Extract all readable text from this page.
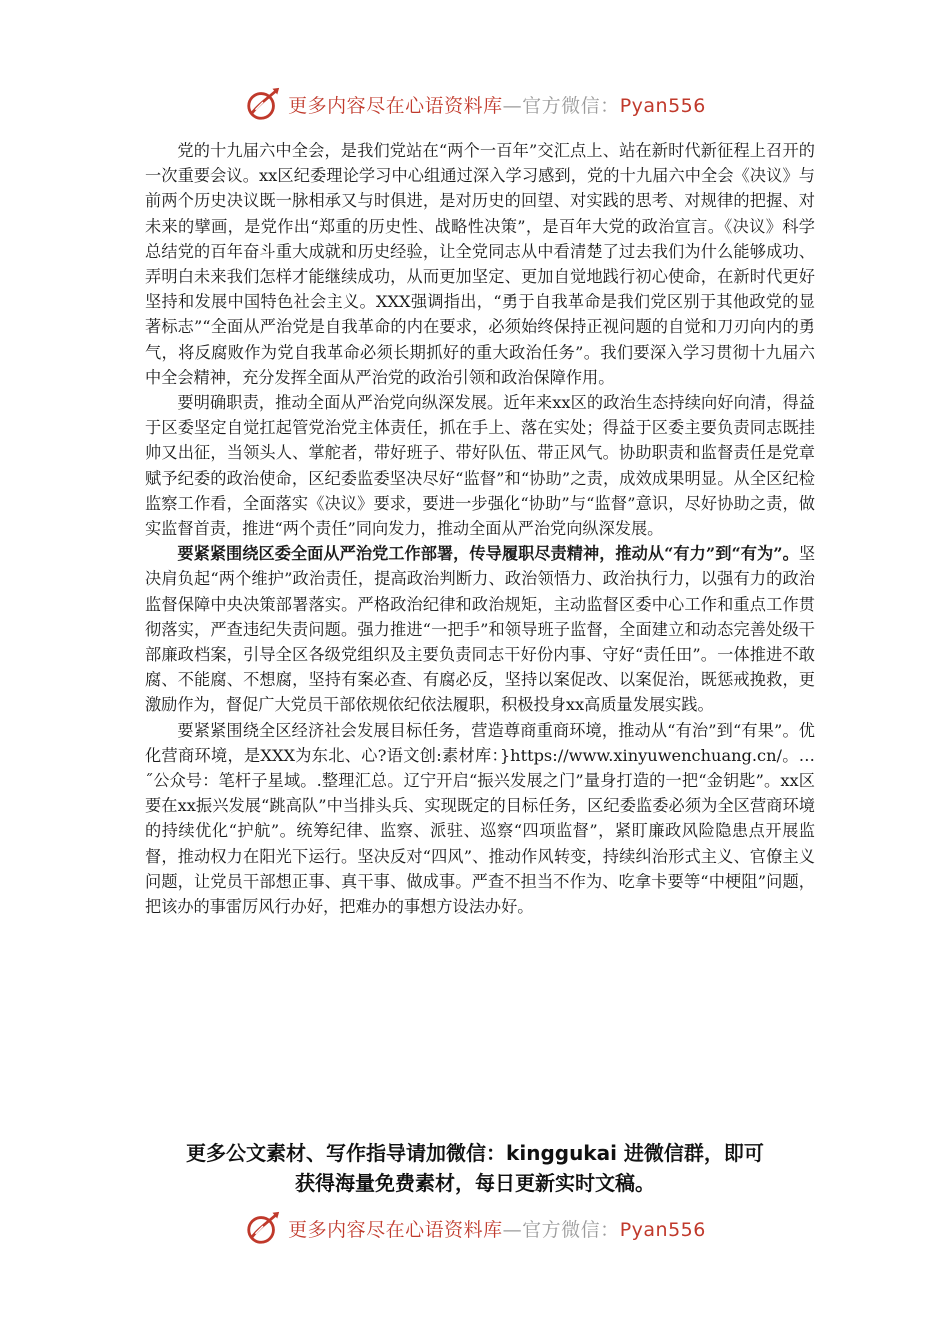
更多内容尽在心语资料库—官方微信：Pyan556

党的十九届六中全会，是我们党站在“两个一百年”交汇点上、站在新时代新征程上召开的一次重要会议。xx区纪委理论学习中心组通过深入学习感到，党的十九届六中全会《决议》与前两个历史决议既一脉相承又与时俱进，是对历史的回望、对实践的思考、对规律的把握、对未来的擘画，是党作出“郑重的历史性、战略性决策”，是百年大党的政治宣言。《决议》科学总结党的百年奋斗重大成就和历史经验，让全党同志从中看清楚了过去我们为什么能够成功、弄明白未来我们怎样才能继续成功，从而更加坚定、更加自觉地践行初心使命，在新时代更好坚持和发展中国特色社会主义。XXX强调指出，“勇于自我革命是我们党区别于其他政党的显著标志”“全面从严治党是自我革命的内在要求，必须始终保持正视问题的自觉和刀刃向内的勇气，将反腐败作为党自我革命必须长期抓好的重大政治任务”。我们要深入学习贯彻十九届六中全会精神，充分发挥全面从严治党的政治引领和政治保障作用。

要明确职责，推动全面从严治党向纵深发展。近年来xx区的政治生态持续向好向清，得益于区委坚定自觉扛起管党治党主体责任，抓在手上、落在实处；得益于区委主要负责同志既挂帅又出征，当领头人、掌舵者，带好班子、带好队伍、带正风气。协助职责和监督责任是党章赋予纪委的政治使命，区纪委监委坚决尽好“监督”和“协助”之责，成效成果明显。从全区纪检监察工作看，全面落实《决议》要求，要进一步强化“协助”与“监督”意识，尽好协助之责，做实监督首责，推进“两个责任”同向发力，推动全面从严治党向纵深发展。

要紧紧围绕区委全面从严治党工作部署，传导履职尽责精神，推动从“有力”到“有为”。坚决肩负起“两个维护”政治责任，提高政治判断力、政治领悟力、政治执行力，以强有力的政治监督保障中央决策部署落实。严格政治纪律和政治规矩，主动监督区委中心工作和重点工作贯彻落实，严查违纪失责问题。强力推进“一把手”和领导班子监督，全面建立和动态完善处级干部廉政档案，引导全区各级党组织及主要负责同志干好份内事、守好“责任田”。一体推进不敢腐、不能腐、不想腐，坚持有案必查、有腐必反，坚持以案促改、以案促治，既惩戒挽救，更激励作为，督促广大党员干部依规依纪依法履职，积极投身xx高质量发展实践。

要紧紧围绕全区经济社会发展目标任务，营造尊商重商环境，推动从“有治”到“有果”。优化营商环境，是XXX为东北、心?语文创:素材库：}https://www.xinyuwenchuang.cn/。…˝公众号：笔杆子星域。.整理汇总。辽宁开启“振兴发展之门”量身打造的一把“金钥匙”。xx区要在xx振兴发展“跳高队”中当排头兵、实现既定的目标任务，区纪委监委必须为全区营商环境的持续优化“护航”。统筹纪律、监察、派驻、巡察“四项监督”，紧盯廉政风险隐患点开展监督，推动权力在阳光下运行。坚决反对“四风”、推动作风转变，持续纠治形式主义、官僚主义问题，让党员干部想正事、真干事、做成事。严查不担当不作为、吃拿卡要等“中梗阻”问题，把该办的事雷厉风行办好，把难办的事想方设法办好。

更多公文素材、写作指导请加微信：kinggukai 进微信群，即可
获得海量免费素材，每日更新实时文稿。
更多内容尽在心语资料库—官方微信：Pyan556
